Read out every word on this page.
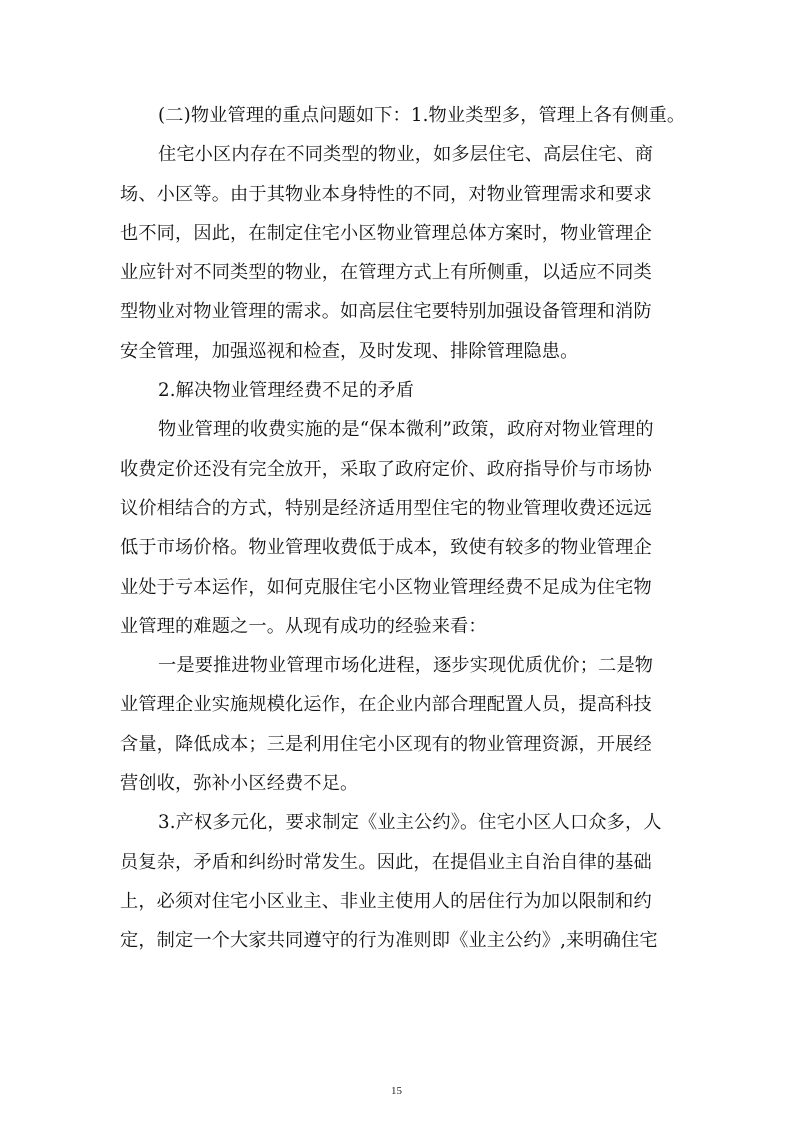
(二)物业管理的重点问题如下：1.物业类型多，管理上各有侧重。
住宅小区内存在不同类型的物业，如多层住宅、高层住宅、商
场、小区等。由于其物业本身特性的不同，对物业管理需求和要求
也不同，因此，在制定住宅小区物业管理总体方案时，物业管理企
业应针对不同类型的物业，在管理方式上有所侧重，以适应不同类
型物业对物业管理的需求。如高层住宅要特别加强设备管理和消防
安全管理，加强巡视和检查，及时发现、排除管理隐患。
2.解决物业管理经费不足的矛盾
物业管理的收费实施的是“保本微利”政策，政府对物业管理的
收费定价还没有完全放开，采取了政府定价、政府指导价与市场协
议价相结合的方式，特别是经济适用型住宅的物业管理收费还远远
低于市场价格。物业管理收费低于成本，致使有较多的物业管理企
业处于亏本运作，如何克服住宅小区物业管理经费不足成为住宅物
业管理的难题之一。从现有成功的经验来看：
一是要推进物业管理市场化进程，逐步实现优质优价；二是物
业管理企业实施规模化运作，在企业内部合理配置人员，提高科技
含量，降低成本；三是利用住宅小区现有的物业管理资源，开展经
营创收，弥补小区经费不足。
3.产权多元化，要求制定《业主公约》。住宅小区人口众多，人
员复杂，矛盾和纠纷时常发生。因此，在提倡业主自治自律的基础
上，必须对住宅小区业主、非业主使用人的居住行为加以限制和约
定，制定一个大家共同遵守的行为准则即《业主公约》,来明确住宅
15
